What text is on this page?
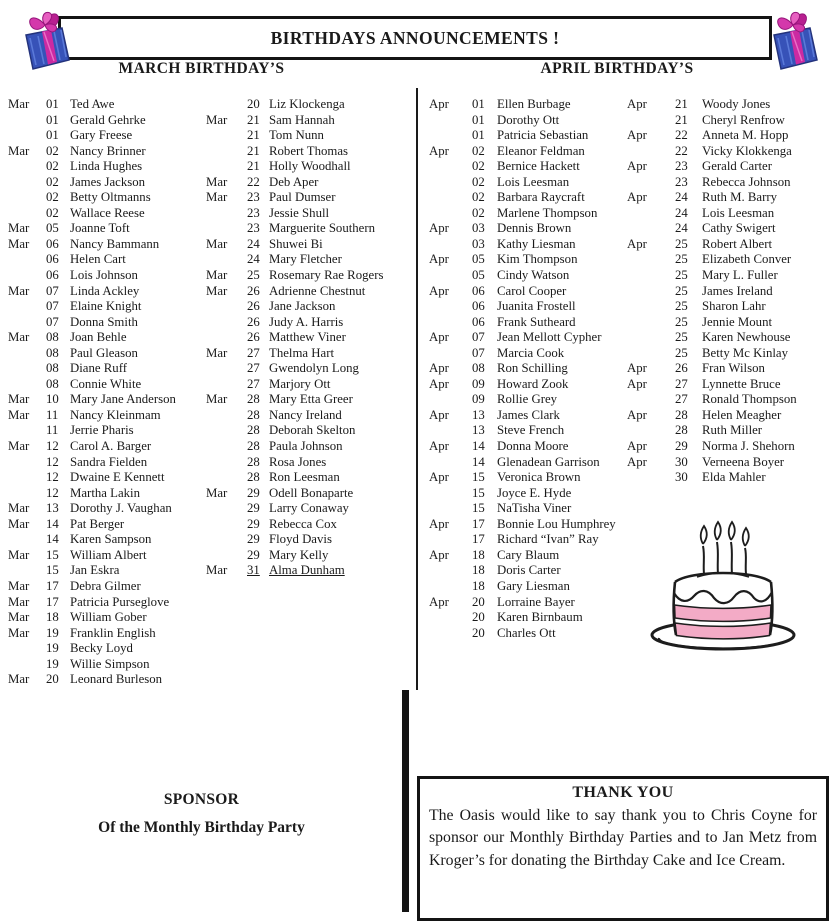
BIRTHDAYS ANNOUNCEMENTS !
MARCH BIRTHDAY’S	APRIL BIRTHDAY’S
Mar	01 Ted Awe
01 Gerald Gehrke
01 Gary Freese
Mar	02 Nancy Brinner
02 Linda Hughes
02 James Jackson
02 Betty Oltmanns
02 Wallace Reese
Mar	05 Joanne Toft
Mar	06 Nancy Bammann
06 Helen Cart
06 Lois Johnson
Mar	07 Linda Ackley
07 Elaine Knight
07 Donna Smith
Mar	08 Joan Behle
08 Paul Gleason
08 Diane Ruff
08 Connie White
Mar	10 Mary Jane Anderson
Mar	11 Nancy Kleinmam
11 Jerrie Pharis
Mar	12 Carol A. Barger
12 Sandra Fielden
12 Dwaine E Kennett
12 Martha Lakin
Mar	13 Dorothy J. Vaughan
Mar	14 Pat Berger
14 Karen Sampson
Mar	15 William Albert
15 Jan Eskra
Mar	17 Debra Gilmer
Mar	17 Patricia Purseglove
Mar	18 William Gober
Mar	19 Franklin English
19 Becky Loyd
19 Willie Simpson
Mar	20 Leonard Burleson
20 Liz Klockenga
Mar	21 Sam Hannah
21 Tom Nunn
21 Robert Thomas
21 Holly Woodhall
Mar	22 Deb Aper
Mar	23 Paul Dumser
23 Jessie Shull
23 Marguerite Southern
Mar	24 Shuwei Bi
24 Mary Fletcher
Mar	25 Rosemary Rae Rogers
Mar	26 Adrienne Chestnut
26 Jane Jackson
26 Judy A. Harris
26 Matthew Viner
Mar	27 Thelma Hart
27 Gwendolyn Long
27 Marjory Ott
Mar	28 Mary Etta Greer
28 Nancy Ireland
28 Deborah Skelton
28 Paula Johnson
28 Rosa Jones
28 Ron Leesman
Mar	29 Odell Bonaparte
29 Larry Conaway
29 Rebecca Cox
29 Floyd Davis
29 Mary Kelly
Mar	31 Alma Dunham
Apr	01 Ellen Burbage
01 Dorothy Ott
01 Patricia Sebastian
Apr	02 Eleanor Feldman
02 Bernice Hackett
02 Lois Leesman
02 Barbara Raycraft
02 Marlene Thompson
Apr	03 Dennis Brown
03 Kathy Liesman
Apr	05 Kim Thompson
05 Cindy Watson
Apr	06 Carol Cooper
06 Juanita Frostell
06 Frank Sutheard
Apr	07 Jean Mellott Cypher
07 Marcia Cook
Apr	08 Ron Schilling
Apr	09 Howard Zook
09 Rollie Grey
Apr	13 James Clark
13 Steve French
Apr	14 Donna Moore
14 Glenadean Garrison
Apr	15 Veronica Brown
15 Joyce E. Hyde
15 NaTisha Viner
Apr	17 Bonnie Lou Humphrey
17 Richard “Ivan” Ray
Apr	18 Cary Blaum
18 Doris Carter
18 Gary Liesman
Apr	20 Lorraine Bayer
20 Karen Birnbaum
20 Charles Ott
Apr	21	Woody Jones
21	Cheryl Renfrow
Apr	22	Anneta M. Hopp
22	Vicky Klokkenga
Apr	23	Gerald Carter
23	Rebecca Johnson
Apr	24	Ruth M. Barry
24	Lois Leesman
24	Cathy Swigert
Apr	25	Robert Albert
25	Elizabeth Conver
25	Mary L. Fuller
25	James Ireland
25	Sharon Lahr
25	Jennie Mount
25	Karen Newhouse
25	Betty Mc Kinlay
Apr	26	Fran Wilson
Apr	27	Lynnette Bruce
27	Ronald Thompson
Apr	28	Helen Meagher
28	Ruth Miller
Apr	29	Norma J. Shehorn
Apr	30	Verneena Boyer
30	Elda Mahler
SPONSOR
Of the Monthly Birthday Party
THANK YOU
The Oasis would like to say thank you to Chris Coyne for sponsor our Monthly Birthday Parties and to Jan Metz from Kroger’s for donating the Birthday Cake and Ice Cream.
